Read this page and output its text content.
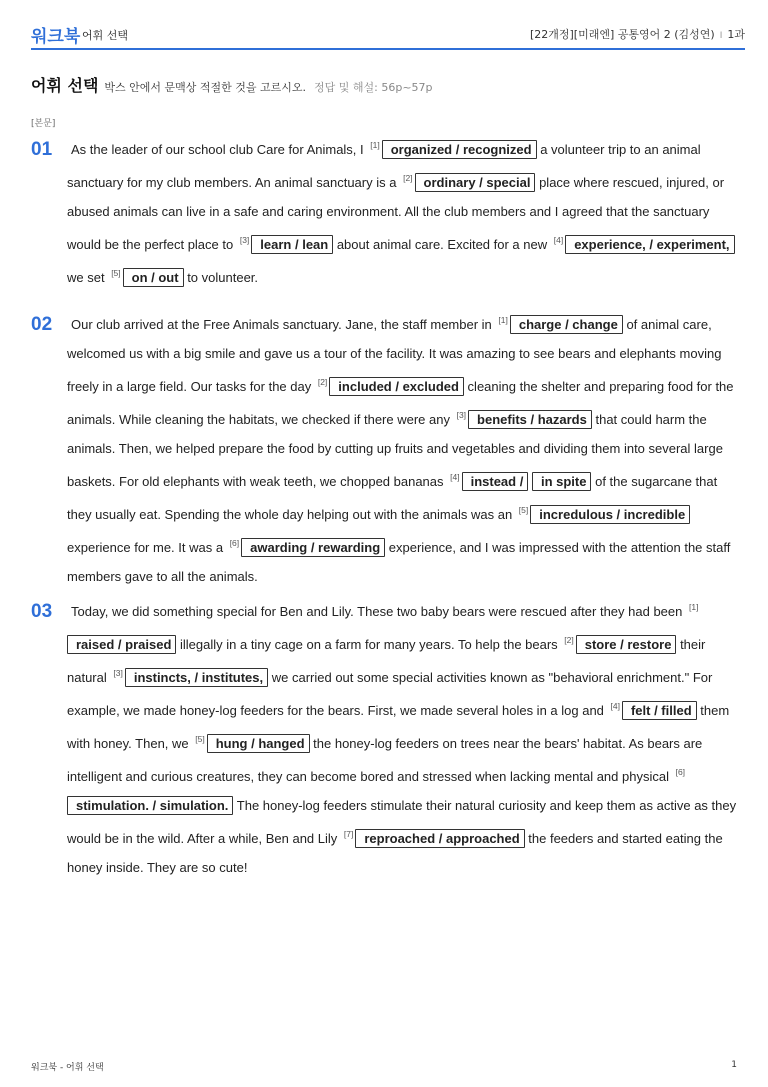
워크북 어휘 선택	[22개정][미래엔] 공통영어 2 (김성연) I 1과
어휘 선택 박스 안에서 문맥상 적절한 것을 고르시오. 정답 및 해설: 56p~57p
[본문]
01	As the leader of our school club Care for Animals, I [1] organized / recognized a volunteer trip to an animal sanctuary for my club members. An animal sanctuary is a [2] ordinary / special place where rescued, injured, or abused animals can live in a safe and caring environment. All the club members and I agreed that the sanctuary would be the perfect place to [3] learn / lean about animal care. Excited for a new [4] experience, / experiment, we set [5] on / out to volunteer.

02	Our club arrived at the Free Animals sanctuary. Jane, the staff member in [1] charge / change of animal care, welcomed us with a big smile and gave us a tour of the facility. It was amazing to see bears and elephants moving freely in a large field. Our tasks for the day [2] included / excluded cleaning the shelter and preparing food for the animals. While cleaning the habitats, we checked if there were any [3] benefits / hazards that could harm the animals. Then, we helped prepare the food by cutting up fruits and vegetables and dividing them into several large baskets. For old elephants with weak teeth, we chopped bananas [4] instead / in spite of the sugarcane that they usually eat. Spending the whole day helping out with the animals was an [5] incredulous / incredible experience for me. It was a [6] awarding / rewarding experience, and I was impressed with the attention the staff members gave to all the animals.

03	Today, we did something special for Ben and Lily. These two baby bears were rescued after they had been [1]raised / praised illegally in a tiny cage on a farm for many years. To help the bears [2] store / restore their natural [3] instincts, / institutes, we carried out some special activities known as "behavioral enrichment." For example, we made honey-log feeders for the bears. First, we made several holes in a log and [4] felt / filled them with honey. Then, we [5] hung / hanged the honey-log feeders on trees near the bears' habitat. As bears are intelligent and curious creatures, they can become bored and stressed when lacking mental and physical [6]stimulation. / simulation. The honey-log feeders stimulate their natural curiosity and keep them as active as they would be in the wild. After a while, Ben and Lily [7] reproached / approached the feeders and started eating the honey inside. They are so cute!

워크북 - 어휘 선택	1
